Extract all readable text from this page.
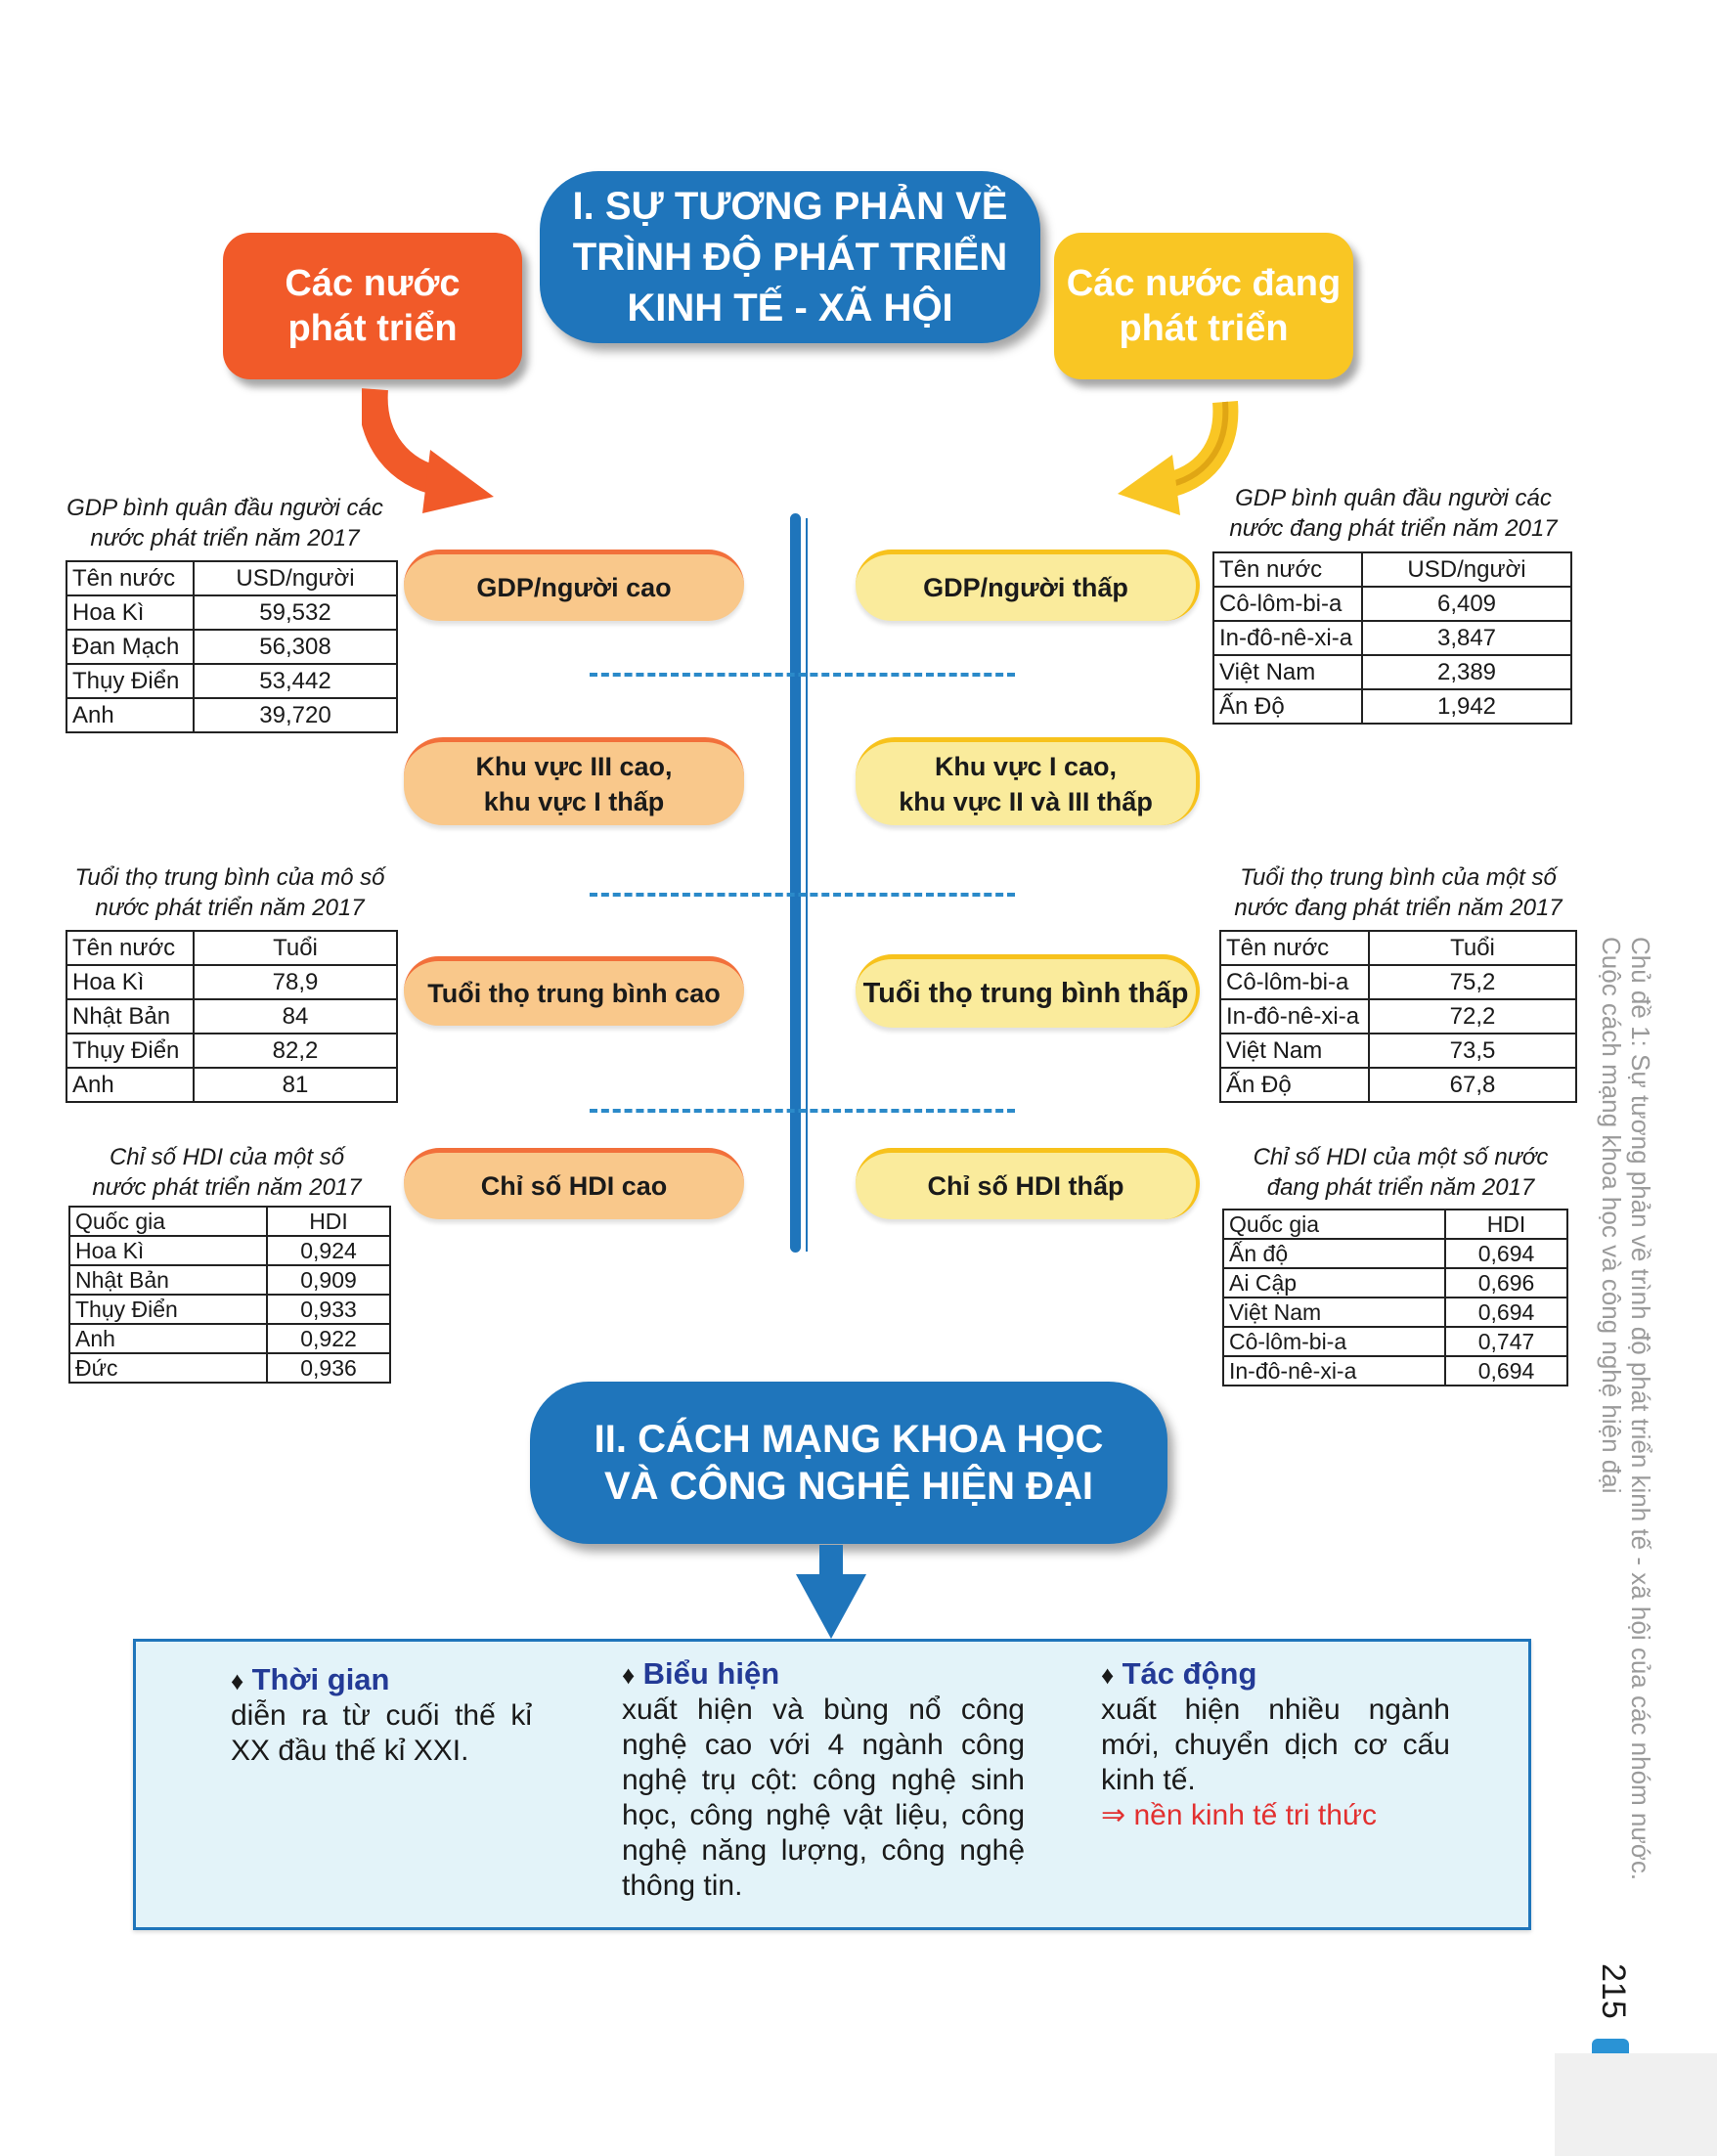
I. SỰ TƯƠNG PHẢN VỀ
TRÌNH ĐỘ PHÁT TRIỂN
KINH TẾ - XÃ HỘI
Các nước
phát triển
Các nước đang
phát triển
GDP/người cao
Khu vực III cao,
khu vực I thấp
Tuổi thọ trung bình cao
Chỉ số HDI cao
GDP/người thấp
Khu vực I cao,
khu vực II và III thấp
Tuổi thọ trung bình thấp
Chỉ số HDI thấp
GDP bình quân đầu người các
nước phát triển năm 2017
Tên nước	USD/người
Hoa Kì	59,532
Đan Mạch	56,308
Thụy Điển	53,442
Anh	39,720
GDP bình quân đầu người các
nước đang phát triển năm 2017
Tên nước	USD/người
Cô-lôm-bi-a	6,409
In-đô-nê-xi-a	3,847
Việt Nam	2,389
Ấn Độ	1,942
Tuổi thọ trung bình của mô số
nước phát triển năm 2017
Tên nước	Tuổi
Hoa Kì	78,9
Nhật Bản	84
Thụy Điển	82,2
Anh	81
Tuổi thọ trung bình của một số
nước đang phát triển năm 2017
Tên nước	Tuổi
Cô-lôm-bi-a	75,2
In-đô-nê-xi-a	72,2
Việt Nam	73,5
Ấn Độ	67,8
Chỉ số HDI của một số
nước phát triển năm 2017
Quốc gia	HDI
Hoa Kì	0,924
Nhật Bản	0,909
Thụy Điển	0,933
Anh	0,922
Đức	0,936
Chỉ số HDI của một số nước
đang phát triển năm 2017
Quốc gia	HDI
Ấn độ	0,694
Ai Cập	0,696
Việt Nam	0,694
Cô-lôm-bi-a	0,747
In-đô-nê-xi-a	0,694
II. CÁCH MẠNG KHOA HỌC
VÀ CÔNG NGHỆ HIỆN ĐẠI
♦ Thời gian
diễn ra từ cuối thế kỉ XX đầu thế kỉ XXI.
♦ Biểu hiện
xuất hiện và bùng nổ công nghệ cao với 4 ngành công nghệ trụ cột: công nghệ sinh học, công nghệ vật liệu, công nghệ năng lượng, công nghệ thông tin.
♦ Tác động
xuất hiện nhiều ngành mới, chuyển dịch cơ cấu kinh tế.
⇒ nền kinh tế tri thức	Chủ đề 1: Sự tương phản về trình độ phát triển kinh tế - xã hội của các nhóm nước.
Cuộc cách mạng khoa học và công nghệ hiện đại
215
